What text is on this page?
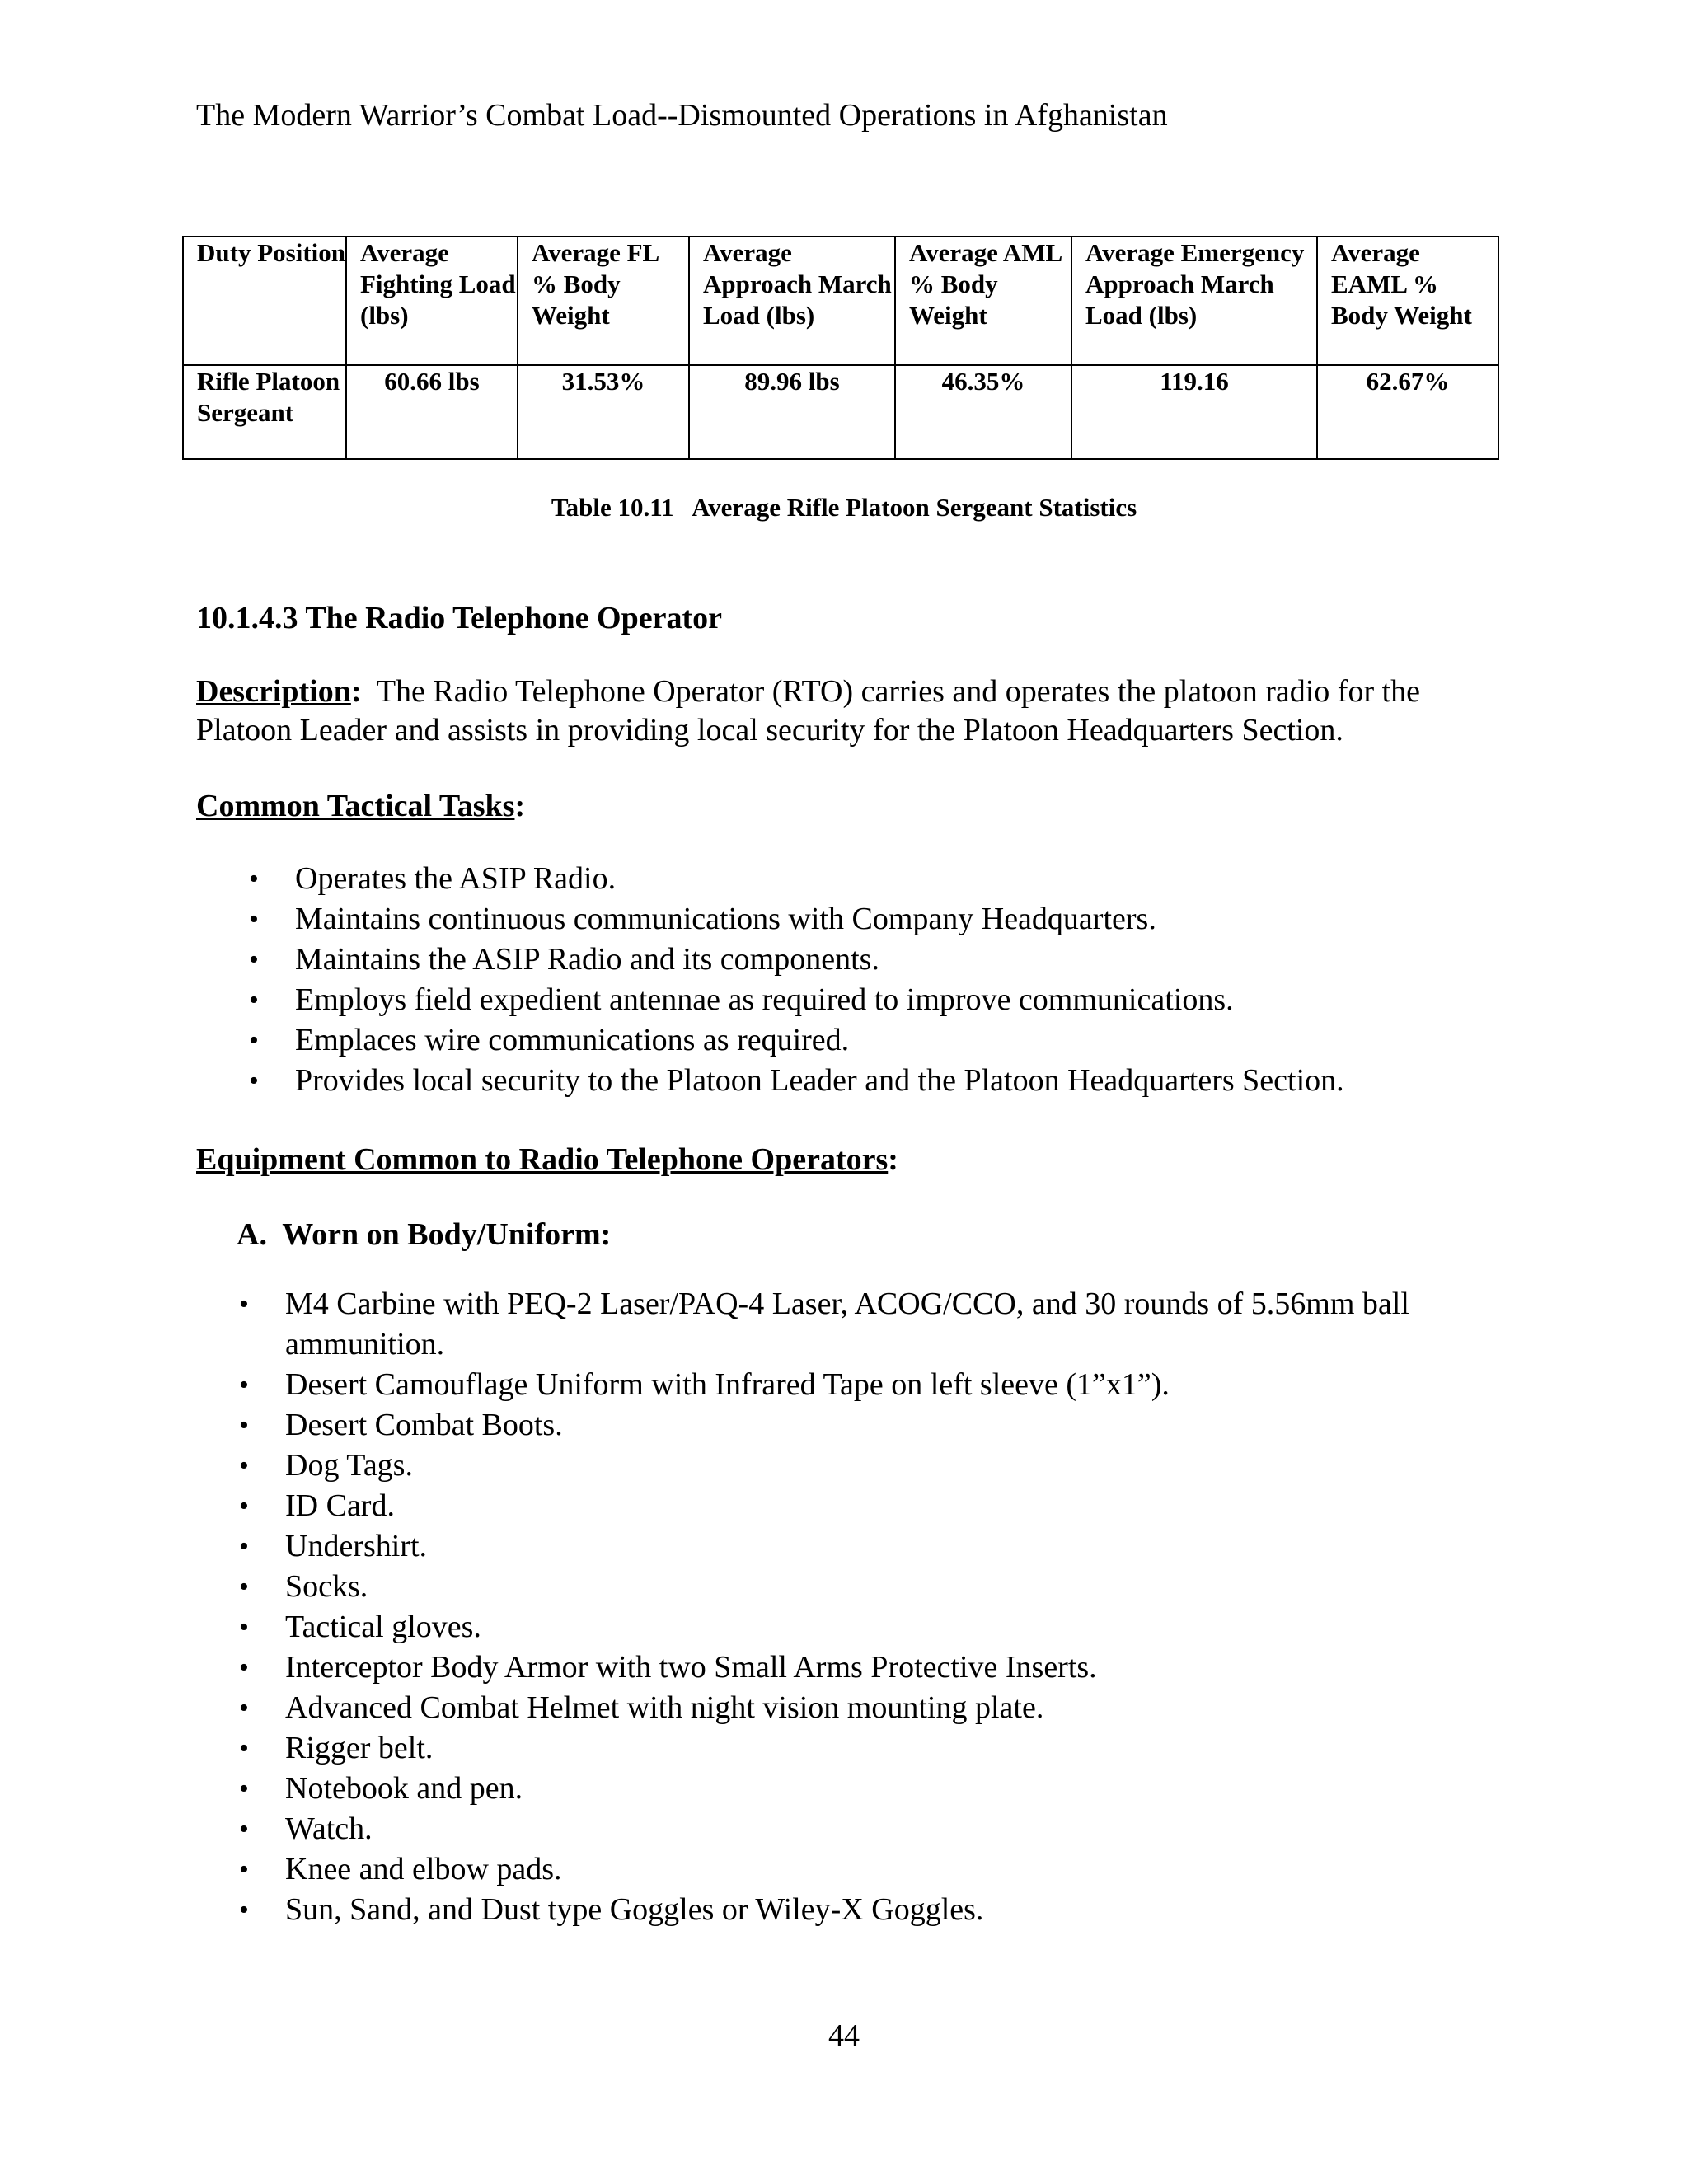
The Modern Warrior’s Combat Load--Dismounted Operations in Afghanistan
Duty Position	Average Fighting Load (lbs)	Average FL % Body Weight	Average Approach March Load (lbs)	Average AML % Body Weight	Average Emergency Approach March Load (lbs)	Average EAML % Body Weight
Rifle Platoon Sergeant	60.66 lbs	31.53%	89.96 lbs	46.35%	119.16	62.67%
Table 10.11   Average Rifle Platoon Sergeant Statistics
10.1.4.3 The Radio Telephone Operator
Description:  The Radio Telephone Operator (RTO) carries and operates the platoon radio for the Platoon Leader and assists in providing local security for the Platoon Headquarters Section.
Common Tactical Tasks:
• Operates the ASIP Radio.
• Maintains continuous communications with Company Headquarters.
• Maintains the ASIP Radio and its components.
• Employs field expedient antennae as required to improve communications.
• Emplaces wire communications as required.
• Provides local security to the Platoon Leader and the Platoon Headquarters Section.
Equipment Common to Radio Telephone Operators:
A.  Worn on Body/Uniform:
• M4 Carbine with PEQ-2 Laser/PAQ-4 Laser, ACOG/CCO, and 30 rounds of 5.56mm ball ammunition.
• Desert Camouflage Uniform with Infrared Tape on left sleeve (1”x1”).
• Desert Combat Boots.
• Dog Tags.
• ID Card.
• Undershirt.
• Socks.
• Tactical gloves.
• Interceptor Body Armor with two Small Arms Protective Inserts.
• Advanced Combat Helmet with night vision mounting plate.
• Rigger belt.
• Notebook and pen.
• Watch.
• Knee and elbow pads.
• Sun, Sand, and Dust type Goggles or Wiley-X Goggles.
44
